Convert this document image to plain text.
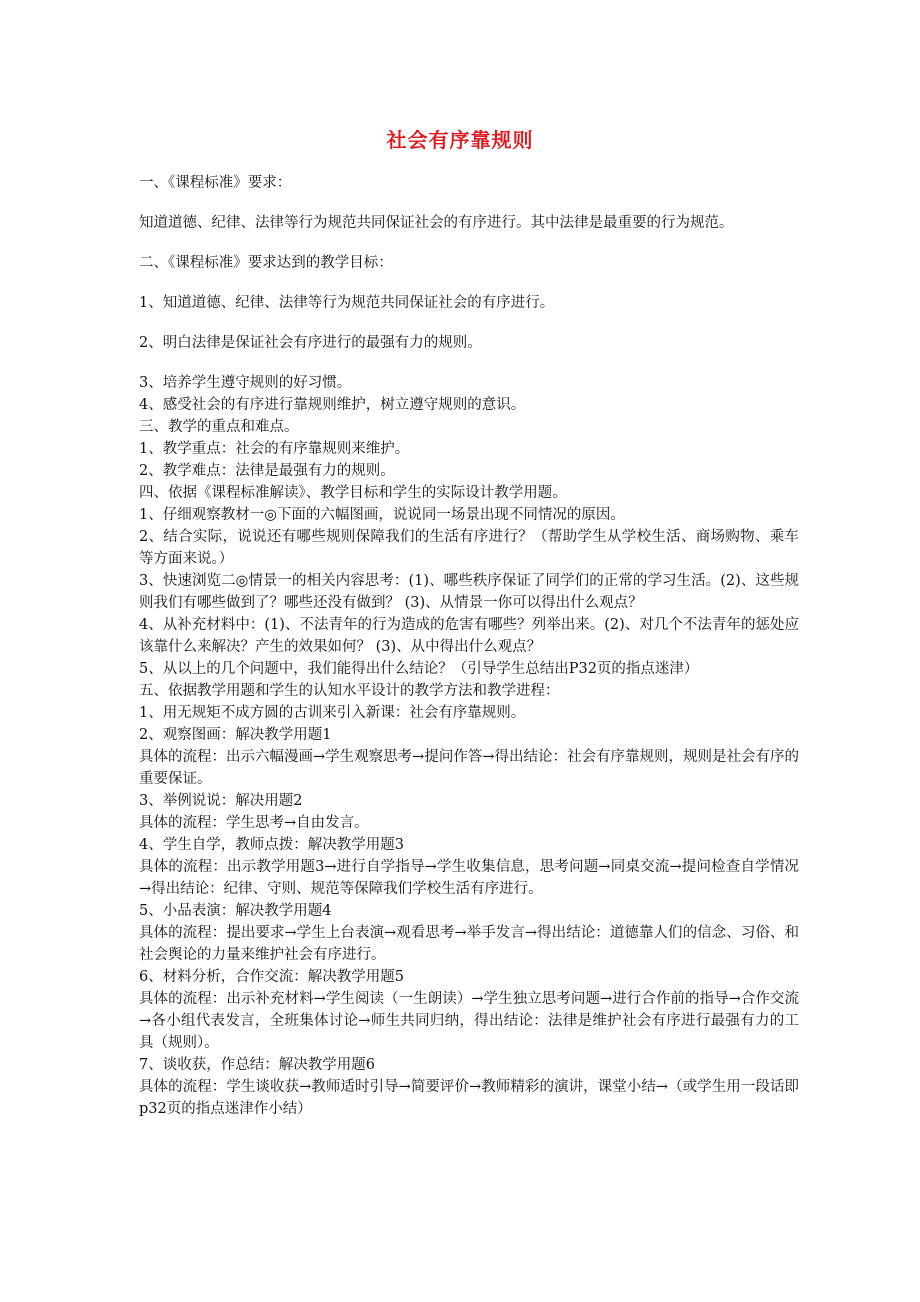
社会有序靠规则

一、《课程标准》要求：

知道道德、纪律、法律等行为规范共同保证社会的有序进行。其中法律是最重要的行为规范。

二、《课程标准》要求达到的教学目标：

1、知道道德、纪律、法律等行为规范共同保证社会的有序进行。

2、明白法律是保证社会有序进行的最强有力的规则。

3、培养学生遵守规则的好习惯。

4、感受社会的有序进行靠规则维护，树立遵守规则的意识。

三、教学的重点和难点。

1、教学重点：社会的有序靠规则来维护。

2、教学难点：法律是最强有力的规则。

四、依据《课程标准解读》、教学目标和学生的实际设计教学用题。

1、仔细观察教材一◎下面的六幅图画，说说同一场景出现不同情况的原因。

2、结合实际，说说还有哪些规则保障我们的生活有序进行？（帮助学生从学校生活、商场购物、乘车等方面来说。）

3、快速浏览二◎情景一的相关内容思考：(1)、哪些秩序保证了同学们的正常的学习生活。(2)、这些规则我们有哪些做到了？哪些还没有做到？ (3)、从情景一你可以得出什么观点？

4、从补充材料中：(1)、不法青年的行为造成的危害有哪些？列举出来。(2)、对几个不法青年的惩处应该靠什么来解决？产生的效果如何？ (3)、从中得出什么观点？

5、从以上的几个问题中，我们能得出什么结论？（引导学生总结出P32页的指点迷津）

五、依据教学用题和学生的认知水平设计的教学方法和教学进程：

1、用无规矩不成方圆的古训来引入新课：社会有序靠规则。

2、观察图画：解决教学用题1

具体的流程：出示六幅漫画→学生观察思考→提问作答→得出结论：社会有序靠规则，规则是社会有序的重要保证。

3、举例说说：解决用题2

具体的流程：学生思考→自由发言。

4、学生自学，教师点拨：解决教学用题3

具体的流程：出示教学用题3→进行自学指导→学生收集信息，思考问题→同桌交流→提问检查自学情况→得出结论：纪律、守则、规范等保障我们学校生活有序进行。

5、小品表演：解决教学用题4

具体的流程：提出要求→学生上台表演→观看思考→举手发言→得出结论：道德靠人们的信念、习俗、和社会舆论的力量来维护社会有序进行。

6、材料分析，合作交流：解决教学用题5

具体的流程：出示补充材料→学生阅读（一生朗读）→学生独立思考问题→进行合作前的指导→合作交流→各小组代表发言，全班集体讨论→师生共同归纳，得出结论：法律是维护社会有序进行最强有力的工具（规则）。

7、谈收获，作总结：解决教学用题6

具体的流程：学生谈收获→教师适时引导→简要评价→教师精彩的演讲，课堂小结→（或学生用一段话即p32页的指点迷津作小结）
